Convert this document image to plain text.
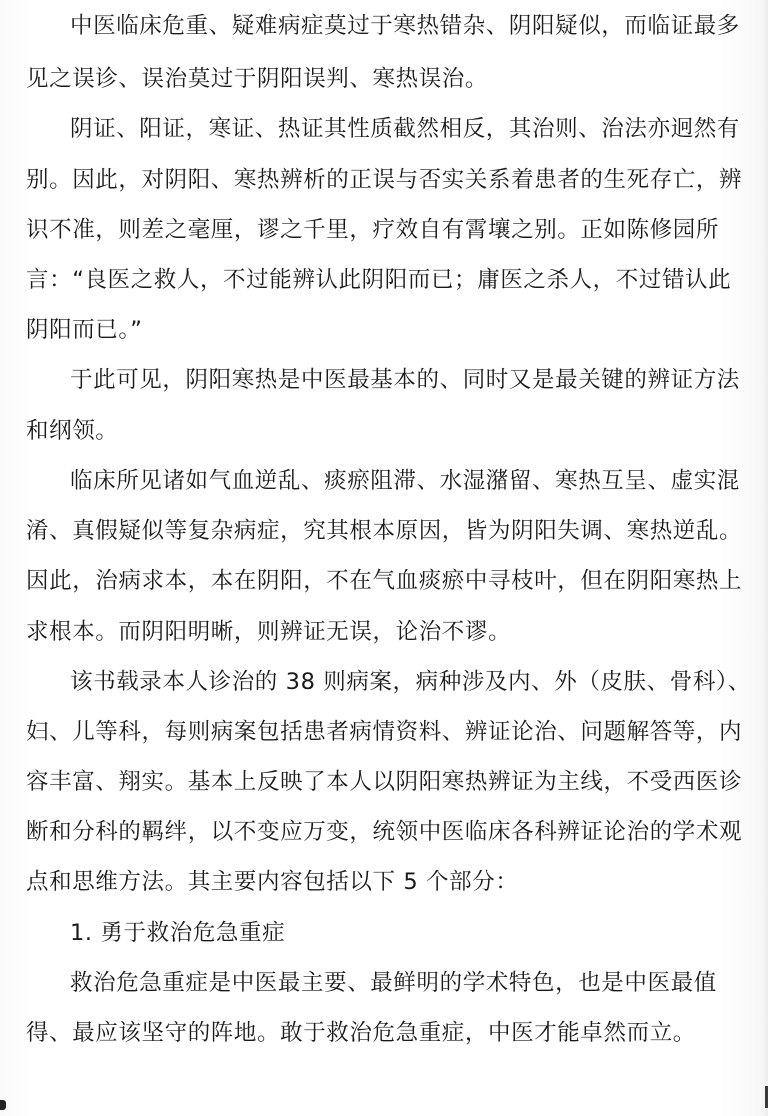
中医临床危重、疑难病症莫过于寒热错杂、阴阳疑似，而临证最多
见之误诊、误治莫过于阴阳误判、寒热误治。
阴证、阳证，寒证、热证其性质截然相反，其治则、治法亦迥然有
别。因此，对阴阳、寒热辨析的正误与否实关系着患者的生死存亡，辨
识不准，则差之毫厘，谬之千里，疗效自有霄壤之别。正如陈修园所
言：“良医之救人，不过能辨认此阴阳而已；庸医之杀人，不过错认此
阴阳而已。”
于此可见，阴阳寒热是中医最基本的、同时又是最关键的辨证方法
和纲领。
临床所见诸如气血逆乱、痰瘀阻滞、水湿潴留、寒热互呈、虚实混
淆、真假疑似等复杂病症，究其根本原因，皆为阴阳失调、寒热逆乱。
因此，治病求本，本在阴阳，不在气血痰瘀中寻枝叶，但在阴阳寒热上
求根本。而阴阳明晰，则辨证无误，论治不谬。
该书载录本人诊治的 38 则病案，病种涉及内、外（皮肤、骨科）、
妇、儿等科，每则病案包括患者病情资料、辨证论治、问题解答等，内
容丰富、翔实。基本上反映了本人以阴阳寒热辨证为主线，不受西医诊
断和分科的羁绊，以不变应万变，统领中医临床各科辨证论治的学术观
点和思维方法。其主要内容包括以下 5 个部分：
1. 勇于救治危急重症
救治危急重症是中医最主要、最鲜明的学术特色，也是中医最值
得、最应该坚守的阵地。敢于救治危急重症，中医才能卓然而立。
